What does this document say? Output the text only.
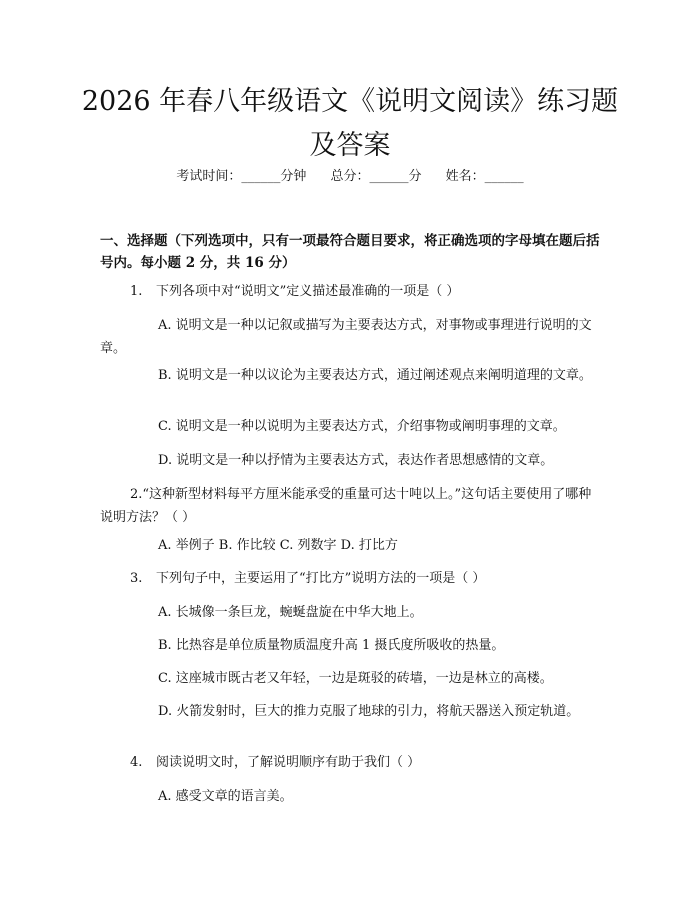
2026 年春八年级语文《说明文阅读》练习题
及答案
考试时间：______分钟 总分：______分 姓名：______
一、选择题（下列选项中，只有一项最符合题目要求，将正确选项的字母填在题后括号内。每小题 2 分，共 16 分）
1. 下列各项中对“说明文”定义描述最准确的一项是（ ）
A. 说明文是一种以记叙或描写为主要表达方式，对事物或事理进行说明的文章。
B. 说明文是一种以议论为主要表达方式，通过阐述观点来阐明道理的文章。
C. 说明文是一种以说明为主要表达方式，介绍事物或阐明事理的文章。
D. 说明文是一种以抒情为主要表达方式，表达作者思想感情的文章。
2.“这种新型材料每平方厘米能承受的重量可达十吨以上。”这句话主要使用了哪种说明方法？（ ）
A. 举例子 B. 作比较 C. 列数字 D. 打比方
3. 下列句子中，主要运用了“打比方”说明方法的一项是（ ）
A. 长城像一条巨龙，蜿蜒盘旋在中华大地上。
B. 比热容是单位质量物质温度升高 1 摄氏度所吸收的热量。
C. 这座城市既古老又年轻，一边是斑驳的砖墙，一边是林立的高楼。
D. 火箭发射时，巨大的推力克服了地球的引力，将航天器送入预定轨道。
4. 阅读说明文时，了解说明顺序有助于我们（ ）
A. 感受文章的语言美。
